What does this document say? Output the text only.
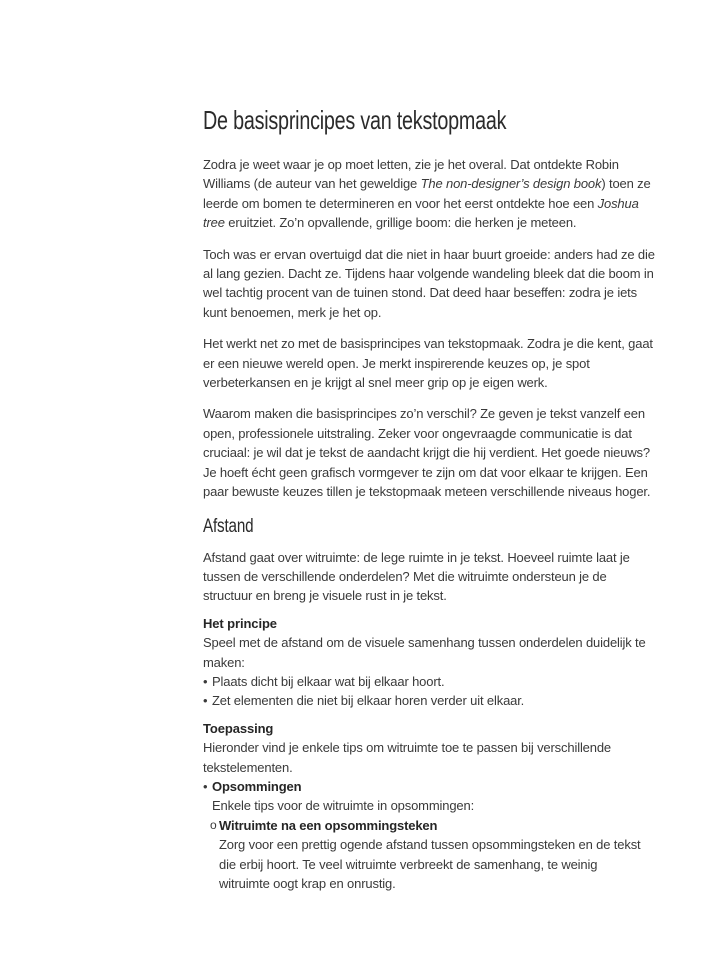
De basisprincipes van tekstopmaak

Zodra je weet waar je op moet letten, zie je het overal. Dat ontdekte Robin
Williams (de auteur van het geweldige The non-designer’s design book) toen ze
leerde om bomen te determineren en voor het eerst ontdekte hoe een Joshua
tree eruitziet. Zo’n opvallende, grillige boom: die herken je meteen.

Toch was er ervan overtuigd dat die niet in haar buurt groeide: anders had ze die
al lang gezien. Dacht ze. Tijdens haar volgende wandeling bleek dat die boom in
wel tachtig procent van de tuinen stond. Dat deed haar beseffen: zodra je iets
kunt benoemen, merk je het op.

Het werkt net zo met de basisprincipes van tekstopmaak. Zodra je die kent, gaat
er een nieuwe wereld open. Je merkt inspirerende keuzes op, je spot
verbeterkansen en je krijgt al snel meer grip op je eigen werk.

Waarom maken die basisprincipes zo’n verschil? Ze geven je tekst vanzelf een
open, professionele uitstraling. Zeker voor ongevraagde communicatie is dat
cruciaal: je wil dat je tekst de aandacht krijgt die hij verdient. Het goede nieuws?
Je hoeft écht geen grafisch vormgever te zijn om dat voor elkaar te krijgen. Een
paar bewuste keuzes tillen je tekstopmaak meteen verschillende niveaus hoger.

Afstand

Afstand gaat over witruimte: de lege ruimte in je tekst. Hoeveel ruimte laat je
tussen de verschillende onderdelen? Met die witruimte ondersteun je de
structuur en breng je visuele rust in je tekst.

Het principe

Speel met de afstand om de visuele samenhang tussen onderdelen duidelijk te
maken:

• Plaats dicht bij elkaar wat bij elkaar hoort.
• Zet elementen die niet bij elkaar horen verder uit elkaar.
Toepassing

Hieronder vind je enkele tips om witruimte toe te passen bij verschillende
tekstelementen.

• Opsommingen
Enkele tips voor de witruimte in opsommingen:
o Witruimte na een opsommingsteken
Zorg voor een prettig ogende afstand tussen opsommingsteken en de tekst
die erbij hoort. Te veel witruimte verbreekt de samenhang, te weinig
witruimte oogt krap en onrustig.
